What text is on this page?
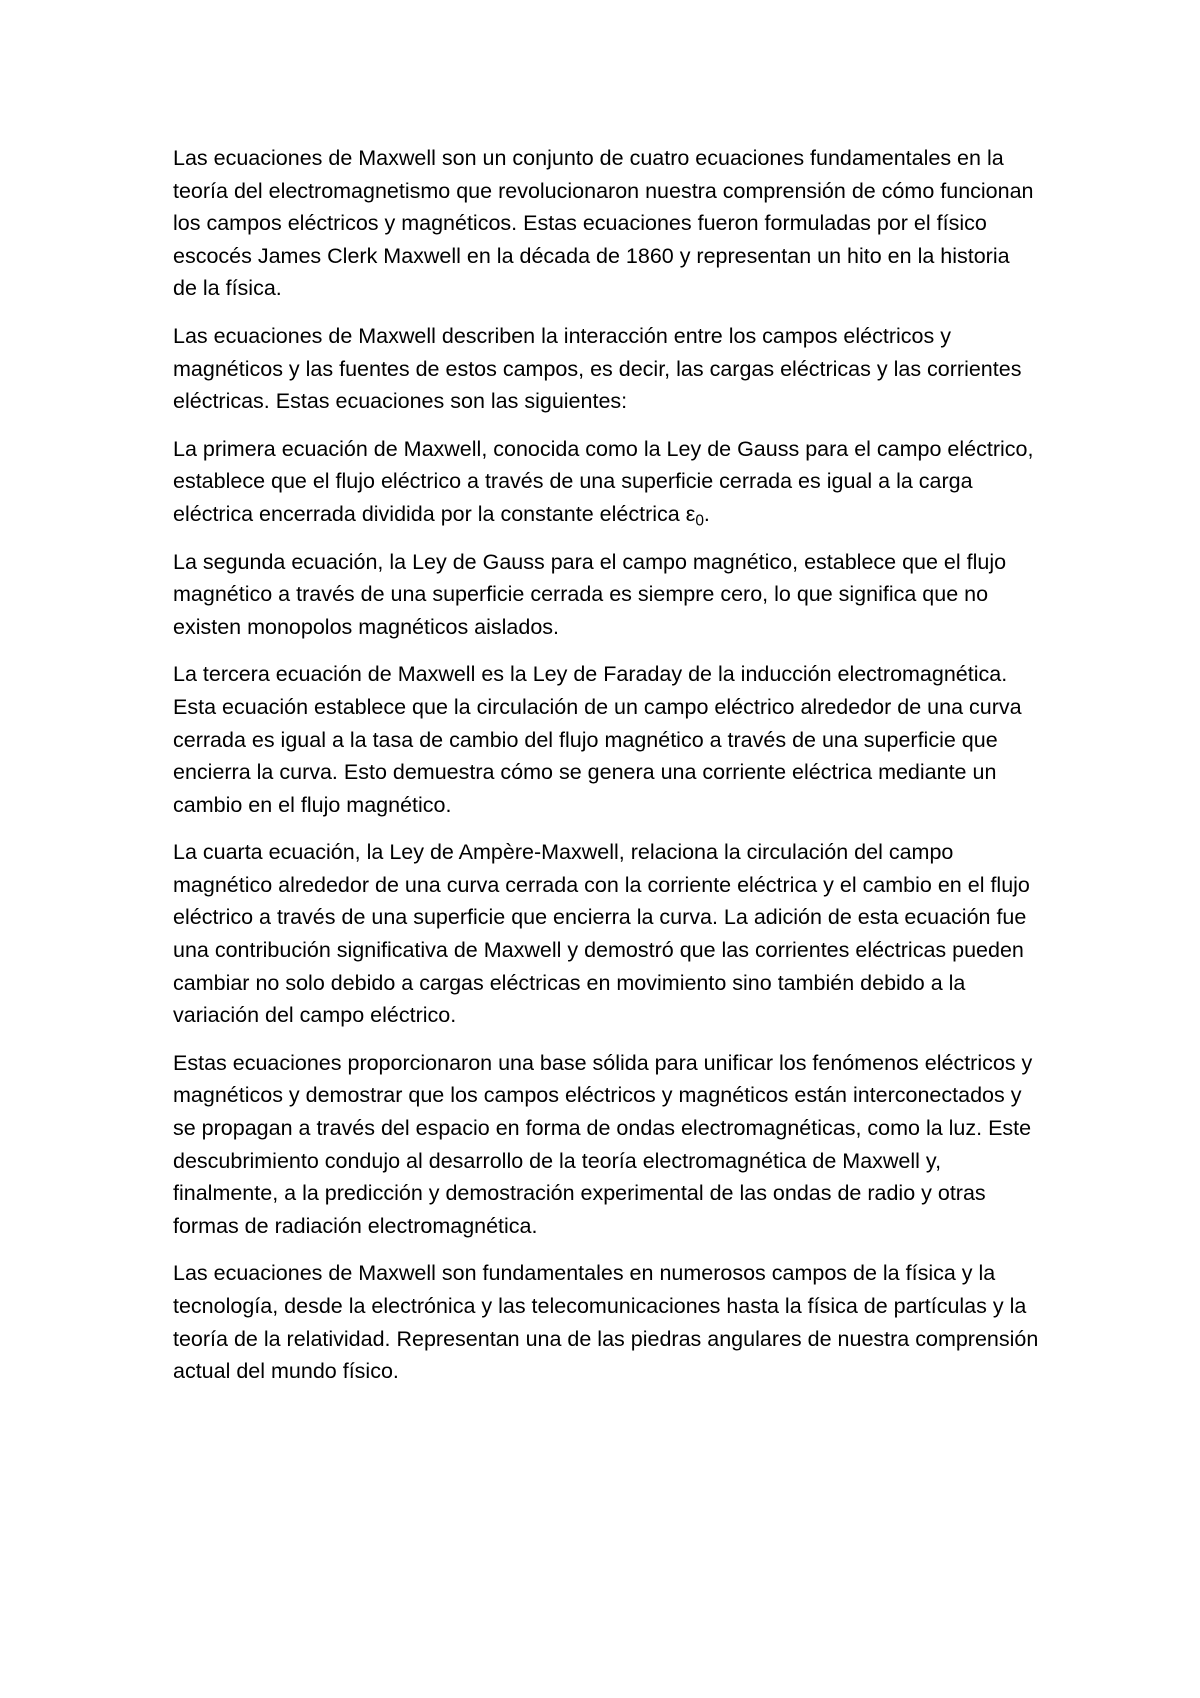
Las ecuaciones de Maxwell son un conjunto de cuatro ecuaciones fundamentales en la teoría del electromagnetismo que revolucionaron nuestra comprensión de cómo funcionan los campos eléctricos y magnéticos. Estas ecuaciones fueron formuladas por el físico escocés James Clerk Maxwell en la década de 1860 y representan un hito en la historia de la física.

Las ecuaciones de Maxwell describen la interacción entre los campos eléctricos y magnéticos y las fuentes de estos campos, es decir, las cargas eléctricas y las corrientes eléctricas. Estas ecuaciones son las siguientes:

La primera ecuación de Maxwell, conocida como la Ley de Gauss para el campo eléctrico, establece que el flujo eléctrico a través de una superficie cerrada es igual a la carga eléctrica encerrada dividida por la constante eléctrica $\varepsilon_0$.

La segunda ecuación, la Ley de Gauss para el campo magnético, establece que el flujo magnético a través de una superficie cerrada es siempre cero, lo que significa que no existen monopolos magnéticos aislados.

La tercera ecuación de Maxwell es la Ley de Faraday de la inducción electromagnética. Esta ecuación establece que la circulación de un campo eléctrico alrededor de una curva cerrada es igual a la tasa de cambio del flujo magnético a través de una superficie que encierra la curva. Esto demuestra cómo se genera una corriente eléctrica mediante un cambio en el flujo magnético.

La cuarta ecuación, la Ley de Ampère-Maxwell, relaciona la circulación del campo magnético alrededor de una curva cerrada con la corriente eléctrica y el cambio en el flujo eléctrico a través de una superficie que encierra la curva. La adición de esta ecuación fue una contribución significativa de Maxwell y demostró que las corrientes eléctricas pueden cambiar no solo debido a cargas eléctricas en movimiento sino también debido a la variación del campo eléctrico.

Estas ecuaciones proporcionaron una base sólida para unificar los fenómenos eléctricos y magnéticos y demostrar que los campos eléctricos y magnéticos están interconectados y se propagan a través del espacio en forma de ondas electromagnéticas, como la luz. Este descubrimiento condujo al desarrollo de la teoría electromagnética de Maxwell y, finalmente, a la predicción y demostración experimental de las ondas de radio y otras formas de radiación electromagnética.

Las ecuaciones de Maxwell son fundamentales en numerosos campos de la física y la tecnología, desde la electrónica y las telecomunicaciones hasta la física de partículas y la teoría de la relatividad. Representan una de las piedras angulares de nuestra comprensión actual del mundo físico.
